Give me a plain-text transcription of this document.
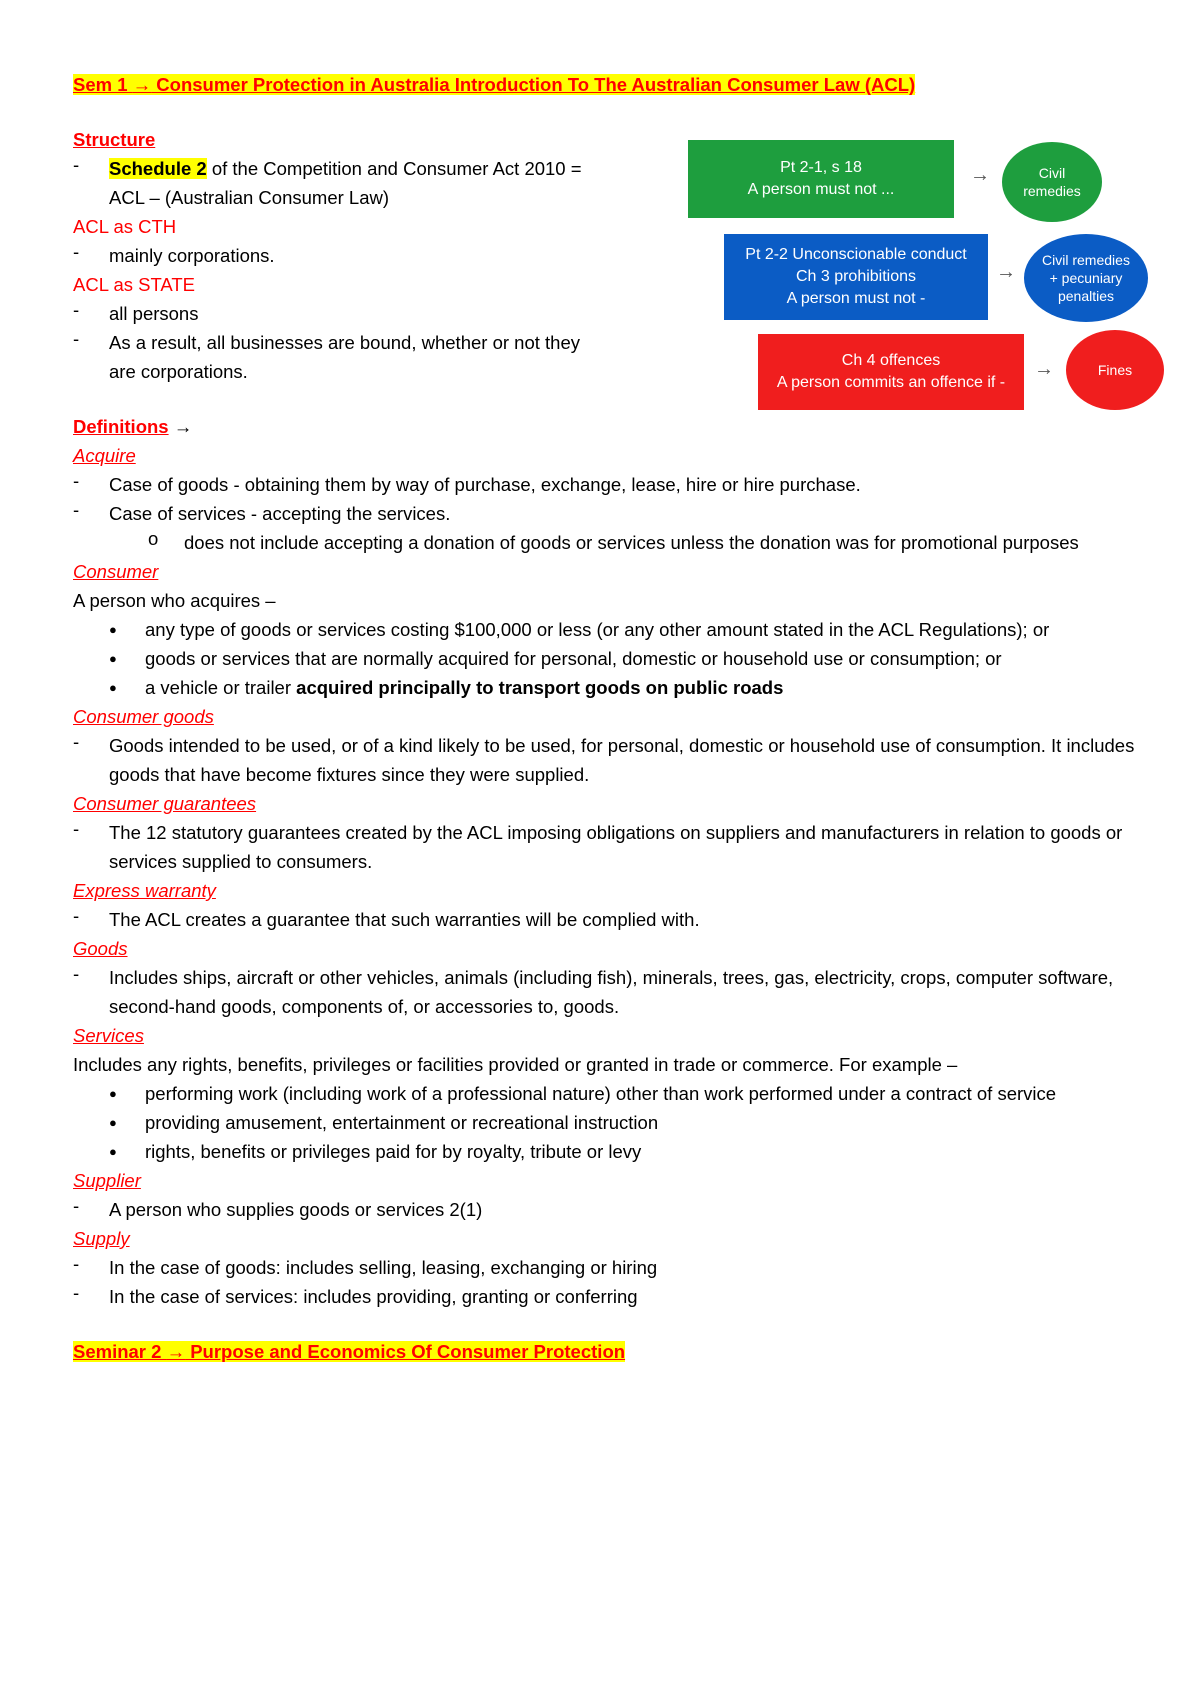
Sem 1 → Consumer Protection in Australia Introduction To The Australian Consumer Law (ACL)
Structure
-	Schedule 2 of the Competition and Consumer Act 2010 =
ACL – (Australian Consumer Law)
ACL as CTH
-	mainly corporations.
ACL as STATE
-	all persons
-	As a result, all businesses are bound, whether or not they
are corporations.
Definitions →
Acquire
-	Case of goods - obtaining them by way of purchase, exchange, lease, hire or hire purchase.
-	Case of services - accepting the services.
o	does not include accepting a donation of goods or services unless the donation was for promotional purposes
Consumer
A person who acquires –
●	any type of goods or services costing $100,000 or less (or any other amount stated in the ACL Regulations); or
●	goods or services that are normally acquired for personal, domestic or household use or consumption; or
●	a vehicle or trailer acquired principally to transport goods on public roads
Consumer goods
-	Goods intended to be used, or of a kind likely to be used, for personal, domestic or household use of consumption. It includes goods that have become fixtures since they were supplied.
Consumer guarantees
-	The 12 statutory guarantees created by the ACL imposing obligations on suppliers and manufacturers in relation to goods or services supplied to consumers.
Express warranty
-	The ACL creates a guarantee that such warranties will be complied with.
Goods
-	Includes ships, aircraft or other vehicles, animals (including fish), minerals, trees, gas, electricity, crops, computer software, second-hand goods, components of, or accessories to, goods.
Services
Includes any rights, benefits, privileges or facilities provided or granted in trade or commerce. For example –
●	performing work (including work of a professional nature) other than work performed under a contract of service
●	providing amusement, entertainment or recreational instruction
●	rights, benefits or privileges paid for by royalty, tribute or levy
Supplier
-	A person who supplies goods or services 2(1)
Supply
-	In the case of goods: includes selling, leasing, exchanging or hiring
-	In the case of services: includes providing, granting or conferring
Seminar 2 → Purpose and Economics Of Consumer Protection
Pt 2-1, s 18
A person must not ...
→	Civil
remedies
Pt 2-2 Unconscionable conduct
Ch 3 prohibitions
A person must not -
→
Civil remedies
+ pecuniary
penalties
Ch 4 offences
A person commits an offence if -
→	Fines
